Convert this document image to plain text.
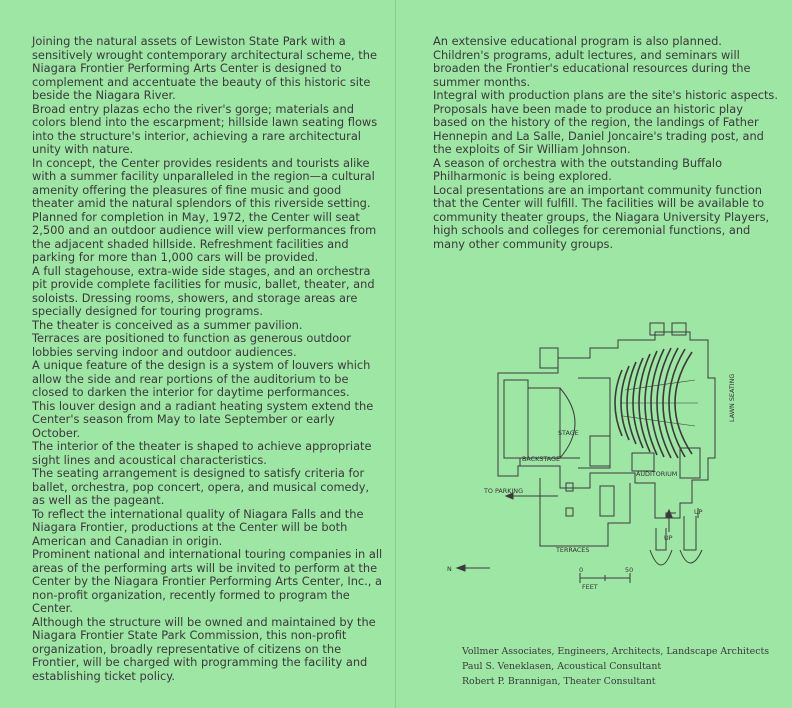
Joining the natural assets of Lewiston State Park with a sensitively wrought contemporary architectural scheme, the Niagara Frontier Performing Arts Center is designed to complement and accentuate the beauty of this historic site beside the Niagara River.

Broad entry plazas echo the river's gorge; materials and colors blend into the escarpment; hillside lawn seating flows into the structure's interior, achieving a rare architectural unity with nature.

In concept, the Center provides residents and tourists alike with a summer facility unparalleled in the region—a cultural amenity offering the pleasures of fine music and good theater amid the natural splendors of this riverside setting.

Planned for completion in May, 1972, the Center will seat 2,500 and an outdoor audience will view performances from the adjacent shaded hillside. Refreshment facilities and parking for more than 1,000 cars will be provided.

A full stagehouse, extra-wide side stages, and an orchestra pit provide complete facilities for music, ballet, theater, and soloists. Dressing rooms, showers, and storage areas are specially designed for touring programs.

The theater is conceived as a summer pavilion.

Terraces are positioned to function as generous outdoor lobbies serving indoor and outdoor audiences.

A unique feature of the design is a system of louvers which allow the side and rear portions of the auditorium to be closed to darken the interior for daytime performances.

This louver design and a radiant heating system extend the Center's season from May to late September or early October.

The interior of the theater is shaped to achieve appropriate sight lines and acoustical characteristics.

The seating arrangement is designed to satisfy criteria for ballet, orchestra, pop concert, opera, and musical comedy, as well as the pageant.

To reflect the international quality of Niagara Falls and the Niagara Frontier, productions at the Center will be both American and Canadian in origin.

Prominent national and international touring companies in all areas of the performing arts will be invited to perform at the Center by the Niagara Frontier Performing Arts Center, Inc., a non-profit organization, recently formed to program the Center.

Although the structure will be owned and maintained by the Niagara Frontier State Park Commission, this non-profit organization, broadly representative of citizens on the Frontier, will be charged with programming the facility and establishing ticket policy.

An extensive educational program is also planned.

Children's programs, adult lectures, and seminars will broaden the Frontier's educational resources during the summer months.

Integral with production plans are the site's historic aspects.

Proposals have been made to produce an historic play based on the history of the region, the landings of Father Hennepin and La Salle, Daniel Joncaire's trading post, and the exploits of Sir William Johnson.

A season of orchestra with the outstanding Buffalo Philharmonic is being explored.

Local presentations are an important community function that the Center will fulfill. The facilities will be available to community theater groups, the Niagara University Players, high schools and colleges for ceremonial functions, and many other community groups.

STAGE
BACKSTAGE
AUDITORIUM
LAWN SEATING
TO PARKING
TERRACES
UP
UP
N	0	50
FEET

Vollmer Associates, Engineers, Architects, Landscape Architects

Paul S. Veneklasen, Acoustical Consultant

Robert P. Brannigan, Theater Consultant
